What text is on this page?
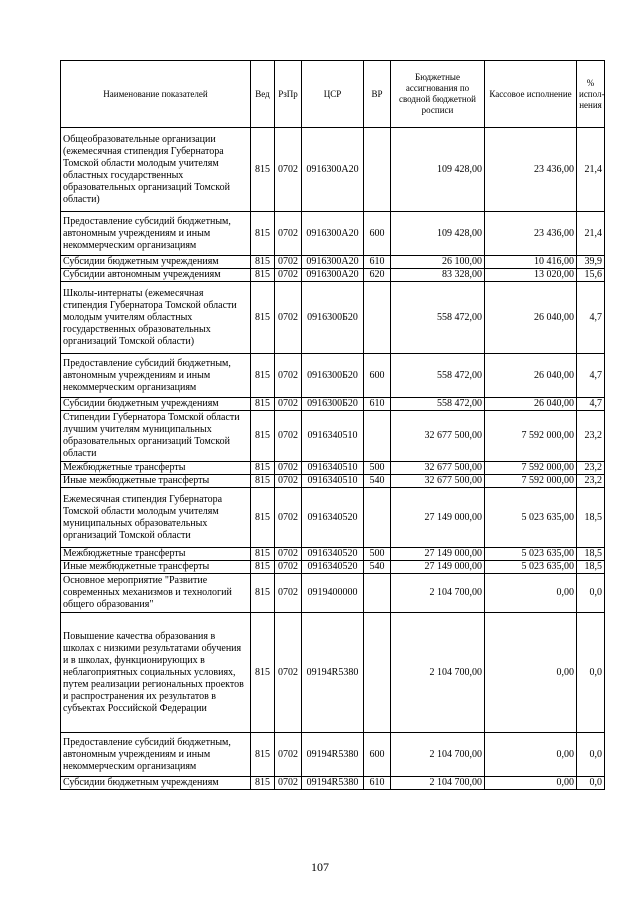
Наименование показателей	Вед	РзПр	ЦСР	ВР	Бюджетные ассигнования по сводной бюджетной росписи	Кассовое исполнение	% испол-нения
Общеобразовательные организации (ежемесячная стипендия Губернатора Томской области молодым учителям областных государственных образовательных организаций Томской области)	815	0702	0916300А20		109 428,00	23 436,00	21,4
Предоставление субсидий бюджетным, автономным учреждениям и иным некоммерческим организациям	815	0702	0916300А20	600	109 428,00	23 436,00	21,4
Субсидии бюджетным учреждениям	815	0702	0916300А20	610	26 100,00	10 416,00	39,9
Субсидии автономным учреждениям	815	0702	0916300А20	620	83 328,00	13 020,00	15,6
Школы-интернаты (ежемесячная стипендия Губернатора Томской области молодым учителям областных государственных образовательных организаций Томской области)	815	0702	0916300Б20		558 472,00	26 040,00	4,7
Предоставление субсидий бюджетным, автономным учреждениям и иным некоммерческим организациям	815	0702	0916300Б20	600	558 472,00	26 040,00	4,7
Субсидии бюджетным учреждениям	815	0702	0916300Б20	610	558 472,00	26 040,00	4,7
Стипендии Губернатора Томской области лучшим учителям муниципальных образовательных организаций Томской области	815	0702	0916340510		32 677 500,00	7 592 000,00	23,2
Межбюджетные трансферты	815	0702	0916340510	500	32 677 500,00	7 592 000,00	23,2
Иные межбюджетные трансферты	815	0702	0916340510	540	32 677 500,00	7 592 000,00	23,2
Ежемесячная стипендия Губернатора Томской области молодым учителям муниципальных образовательных организаций Томской области	815	0702	0916340520		27 149 000,00	5 023 635,00	18,5
Межбюджетные трансферты	815	0702	0916340520	500	27 149 000,00	5 023 635,00	18,5
Иные межбюджетные трансферты	815	0702	0916340520	540	27 149 000,00	5 023 635,00	18,5
Основное мероприятие "Развитие современных механизмов и технологий общего образования"	815	0702	0919400000		2 104 700,00	0,00	0,0
Повышение качества образования в школах с низкими результатами обучения и в школах, функционирующих в неблагоприятных социальных условиях, путем реализации региональных проектов и распространения их результатов в субъектах Российской Федерации	815	0702	09194R5380		2 104 700,00	0,00	0,0
Предоставление субсидий бюджетным, автономным учреждениям и иным некоммерческим организациям	815	0702	09194R5380	600	2 104 700,00	0,00	0,0
Субсидии бюджетным учреждениям	815	0702	09194R5380	610	2 104 700,00	0,00	0,0
107
